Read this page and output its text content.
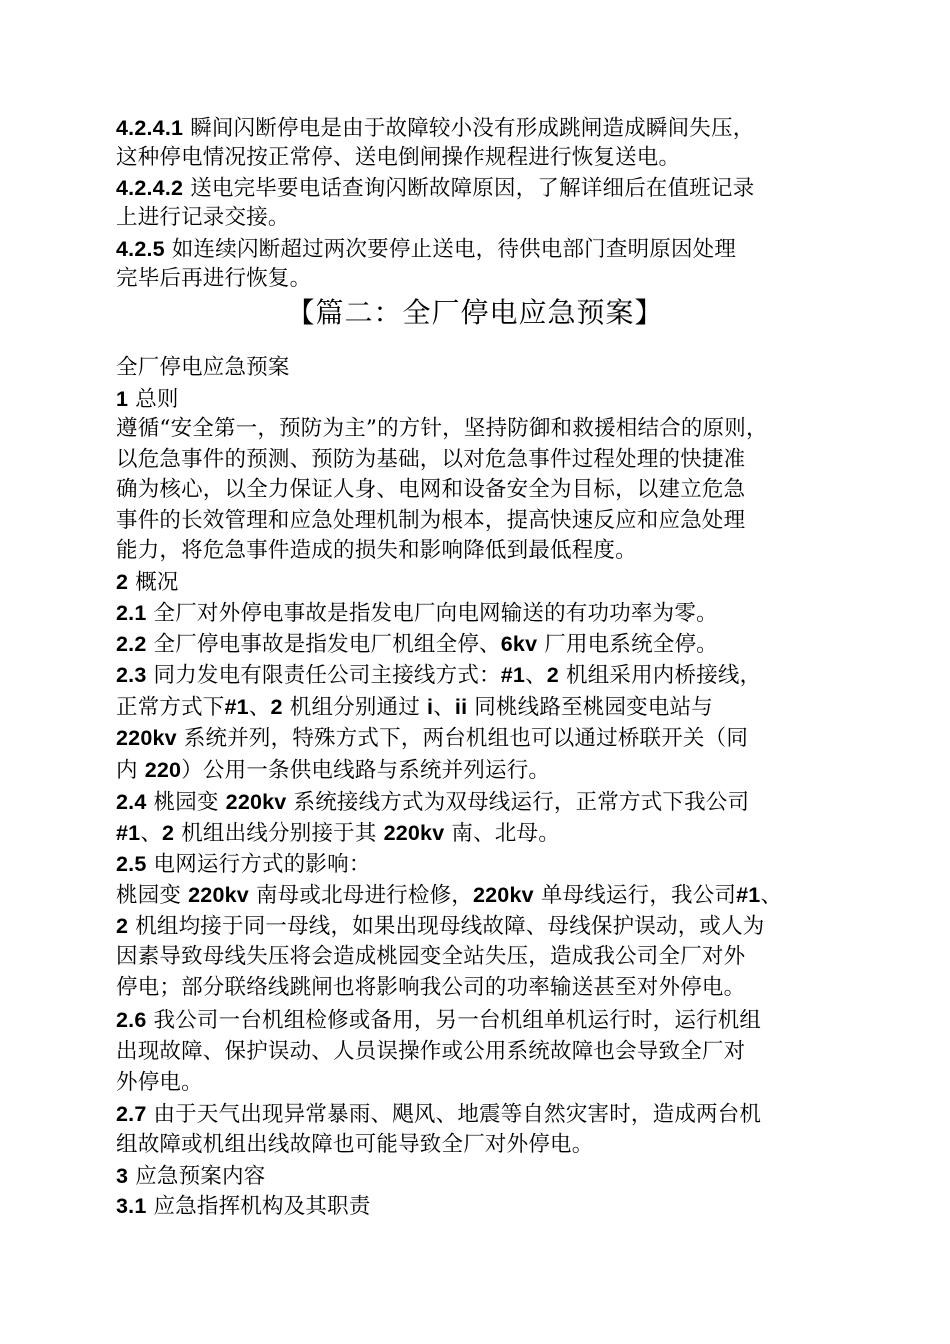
【篇二：全厂停电应急预案】
4.2.4.1 瞬间闪断停电是由于故障较小没有形成跳闸造成瞬间失压，
这种停电情况按正常停、送电倒闸操作规程进行恢复送电。
4.2.4.2 送电完毕要电话查询闪断故障原因，了解详细后在值班记录
上进行记录交接。
4.2.5 如连续闪断超过两次要停止送电，待供电部门查明原因处理
完毕后再进行恢复。
全厂停电应急预案
1 总则
遵循“安全第一，预防为主”的方针，坚持防御和救援相结合的原则，
以危急事件的预测、预防为基础，以对危急事件过程处理的快捷准
确为核心，以全力保证人身、电网和设备安全为目标，以建立危急
事件的长效管理和应急处理机制为根本，提高快速反应和应急处理
能力，将危急事件造成的损失和影响降低到最低程度。
2 概况
2.1 全厂对外停电事故是指发电厂向电网输送的有功功率为零。
2.2 全厂停电事故是指发电厂机组全停、6kv 厂用电系统全停。
2.3 同力发电有限责任公司主接线方式：#1、2 机组采用内桥接线，
正常方式下#1、2 机组分别通过 i、ii 同桃线路至桃园变电站与
220kv 系统并列，特殊方式下，两台机组也可以通过桥联开关（同
内 220）公用一条供电线路与系统并列运行。
2.4 桃园变 220kv 系统接线方式为双母线运行，正常方式下我公司
#1、2 机组出线分别接于其 220kv 南、北母。
2.5 电网运行方式的影响：
桃园变 220kv 南母或北母进行检修，220kv 单母线运行，我公司#1、
2 机组均接于同一母线，如果出现母线故障、母线保护误动，或人为
因素导致母线失压将会造成桃园变全站失压，造成我公司全厂对外
停电；部分联络线跳闸也将影响我公司的功率输送甚至对外停电。
2.6 我公司一台机组检修或备用，另一台机组单机运行时，运行机组
出现故障、保护误动、人员误操作或公用系统故障也会导致全厂对
外停电。
2.7 由于天气出现异常暴雨、飓风、地震等自然灾害时，造成两台机
组故障或机组出线故障也可能导致全厂对外停电。
3 应急预案内容
3.1 应急指挥机构及其职责
